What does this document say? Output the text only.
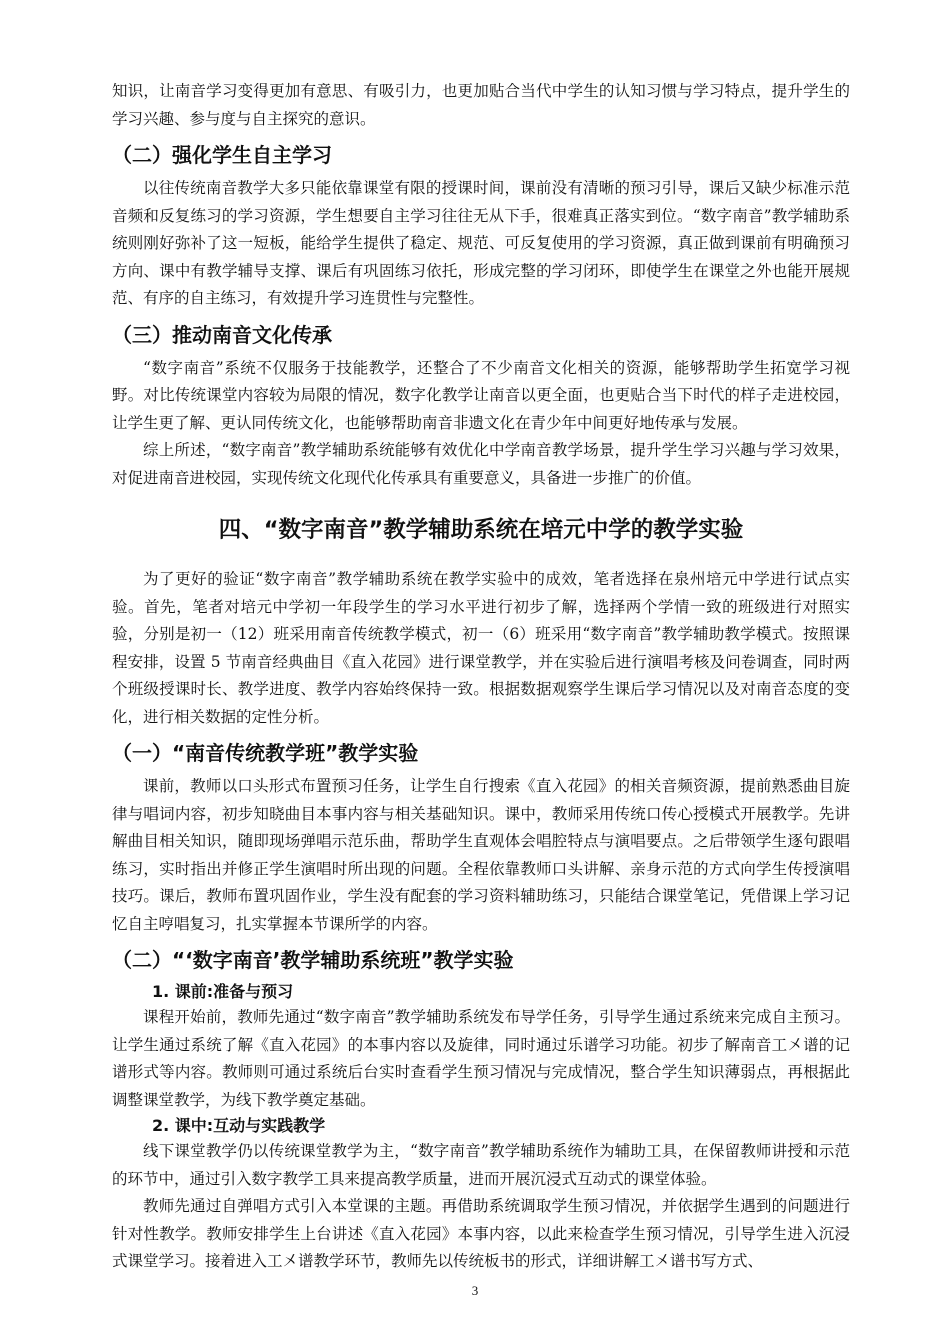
知识，让南音学习变得更加有意思、有吸引力，也更加贴合当代中学生的认知习惯与学习特点，提升学生的学习兴趣、参与度与自主探究的意识。

（二）强化学生自主学习

以往传统南音教学大多只能依靠课堂有限的授课时间，课前没有清晰的预习引导，课后又缺少标准示范音频和反复练习的学习资源，学生想要自主学习往往无从下手，很难真正落实到位。“数字南音”教学辅助系统则刚好弥补了这一短板，能给学生提供了稳定、规范、可反复使用的学习资源，真正做到课前有明确预习方向、课中有教学辅导支撑、课后有巩固练习依托，形成完整的学习闭环，即使学生在课堂之外也能开展规范、有序的自主练习，有效提升学习连贯性与完整性。

（三）推动南音文化传承

“数字南音”系统不仅服务于技能教学，还整合了不少南音文化相关的资源，能够帮助学生拓宽学习视野。对比传统课堂内容较为局限的情况，数字化教学让南音以更全面，也更贴合当下时代的样子走进校园，让学生更了解、更认同传统文化，也能够帮助南音非遗文化在青少年中间更好地传承与发展。

综上所述，“数字南音”教学辅助系统能够有效优化中学南音教学场景，提升学生学习兴趣与学习效果，对促进南音进校园，实现传统文化现代化传承具有重要意义，具备进一步推广的价值。

四、“数字南音”教学辅助系统在培元中学的教学实验

为了更好的验证“数字南音”教学辅助系统在教学实验中的成效，笔者选择在泉州培元中学进行试点实验。首先，笔者对培元中学初一年段学生的学习水平进行初步了解，选择两个学情一致的班级进行对照实验，分别是初一（12）班采用南音传统教学模式，初一（6）班采用“数字南音”教学辅助教学模式。按照课程安排，设置 5 节南音经典曲目《直入花园》进行课堂教学，并在实验后进行演唱考核及问卷调查，同时两个班级授课时长、教学进度、教学内容始终保持一致。根据数据观察学生课后学习情况以及对南音态度的变化，进行相关数据的定性分析。

（一）“南音传统教学班”教学实验

课前，教师以口头形式布置预习任务，让学生自行搜索《直入花园》的相关音频资源，提前熟悉曲目旋律与唱词内容，初步知晓曲目本事内容与相关基础知识。课中，教师采用传统口传心授模式开展教学。先讲解曲目相关知识，随即现场弹唱示范乐曲，帮助学生直观体会唱腔特点与演唱要点。之后带领学生逐句跟唱练习，实时指出并修正学生演唱时所出现的问题。全程依靠教师口头讲解、亲身示范的方式向学生传授演唱技巧。课后，教师布置巩固作业，学生没有配套的学习资料辅助练习，只能结合课堂笔记，凭借课上学习记忆自主哼唱复习，扎实掌握本节课所学的内容。

（二）“‘数字南音’教学辅助系统班”教学实验
1. 课前:准备与预习

课程开始前，教师先通过“数字南音”教学辅助系统发布导学任务，引导学生通过系统来完成自主预习。让学生通过系统了解《直入花园》的本事内容以及旋律，同时通过乐谱学习功能。初步了解南音工㐅谱的记谱形式等内容。教师则可通过系统后台实时查看学生预习情况与完成情况，整合学生知识薄弱点，再根据此调整课堂教学，为线下教学奠定基础。

2. 课中:互动与实践教学

线下课堂教学仍以传统课堂教学为主，“数字南音”教学辅助系统作为辅助工具，在保留教师讲授和示范的环节中，通过引入数字教学工具来提高教学质量，进而开展沉浸式互动式的课堂体验。

教师先通过自弹唱方式引入本堂课的主题。再借助系统调取学生预习情况，并依据学生遇到的问题进行针对性教学。教师安排学生上台讲述《直入花园》本事内容，以此来检查学生预习情况，引导学生进入沉浸式课堂学习。接着进入工㐅谱教学环节，教师先以传统板书的形式，详细讲解工㐅谱书写方式、

3
